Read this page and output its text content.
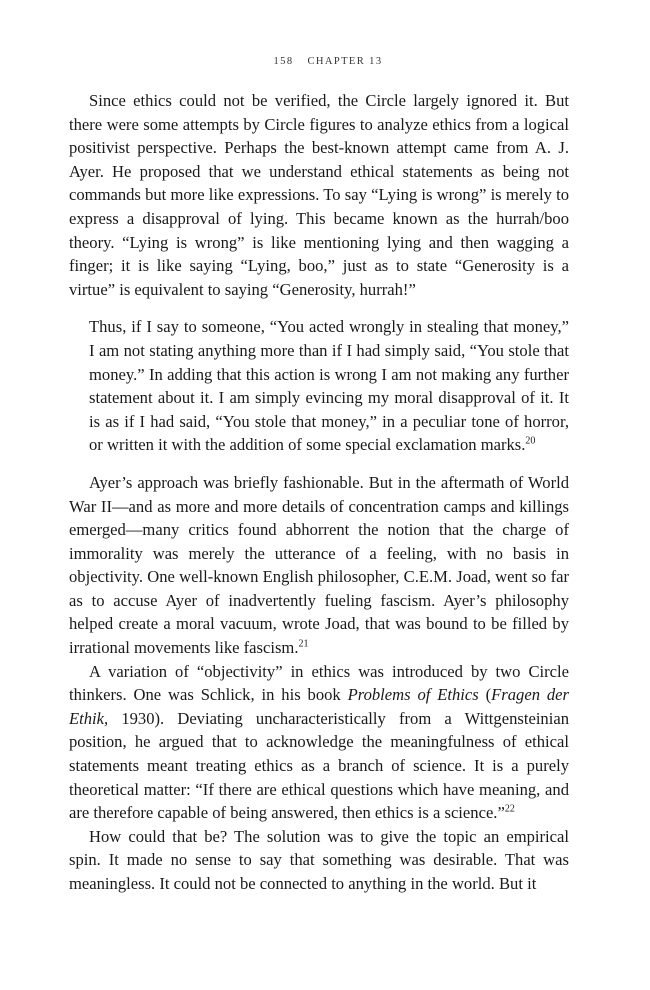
158 CHAPTER 13

Since ethics could not be verified, the Circle largely ignored it. But there were some attempts by Circle figures to analyze ethics from a logical positivist perspective. Perhaps the best-known attempt came from A. J. Ayer. He proposed that we understand ethical statements as being not commands but more like expressions. To say “Lying is wrong” is merely to express a disapproval of lying. This became known as the hurrah/boo theory. “Lying is wrong” is like mentioning lying and then wagging a finger; it is like saying “Lying, boo,” just as to state “Generosity is a virtue” is equivalent to saying “Generosity, hurrah!”

Thus, if I say to someone, “You acted wrongly in stealing that money,” I am not stating anything more than if I had simply said, “You stole that money.” In adding that this action is wrong I am not making any further statement about it. I am simply evincing my moral disapproval of it. It is as if I had said, “You stole that money,” in a peculiar tone of horror, or written it with the addition of some special exclamation marks.$^{20}$

Ayer’s approach was briefly fashionable. But in the aftermath of World War II—and as more and more details of concentration camps and killings emerged—many critics found abhorrent the notion that the charge of immorality was merely the utterance of a feeling, with no basis in objectivity. One well-known English philosopher, C.E.M. Joad, went so far as to accuse Ayer of inadvertently fueling fascism. Ayer’s philosophy helped create a moral vacuum, wrote Joad, that was bound to be filled by irrational movements like fascism.$^{21}$

A variation of “objectivity” in ethics was introduced by two Circle thinkers. One was Schlick, in his book Problems of Ethics (Fragen der Ethik, 1930). Deviating uncharacteristically from a Wittgensteinian position, he argued that to acknowledge the meaningfulness of ethical statements meant treating ethics as a branch of science. It is a purely theoretical matter: “If there are ethical questions which have meaning, and are therefore capable of being answered, then ethics is a science.”$^{22}$

How could that be? The solution was to give the topic an empirical spin. It made no sense to say that something was desirable. That was meaningless. It could not be connected to anything in the world. But it
